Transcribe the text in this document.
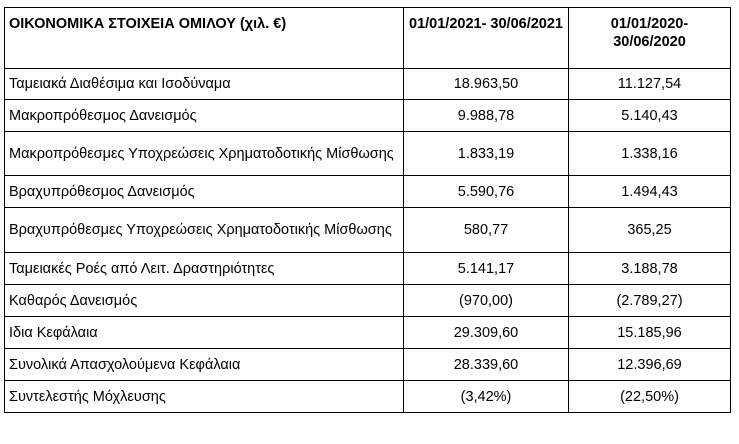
ΟΙΚΟΝΟΜΙΚΑ ΣΤΟΙΧΕΙΑ ΟΜΙΛΟΥ (χιλ. €)	01/01/2021- 30/06/2021	01/01/2020- 30/06/2020
Ταμειακά Διαθέσιμα και Ισοδύναμα	18.963,50	11.127,54
Μακροπρόθεσμος Δανεισμός	9.988,78	5.140,43
Μακροπρόθεσμες Υποχρεώσεις Χρηματοδοτικής Μίσθωσης	1.833,19	1.338,16
Βραχυπρόθεσμος Δανεισμός	5.590,76	1.494,43
Βραχυπρόθεσμες Υποχρεώσεις Χρηματοδοτικής Μίσθωσης	580,77	365,25
Ταμειακές Ροές από Λειτ. Δραστηριότητες	5.141,17	3.188,78
Καθαρός Δανεισμός	(970,00)	(2.789,27)
Ιδια Κεφάλαια	29.309,60	15.185,96
Συνολικά Απασχολούμενα Κεφάλαια	28.339,60	12.396,69
Συντελεστής Μόχλευσης	(3,42%)	(22,50%)
